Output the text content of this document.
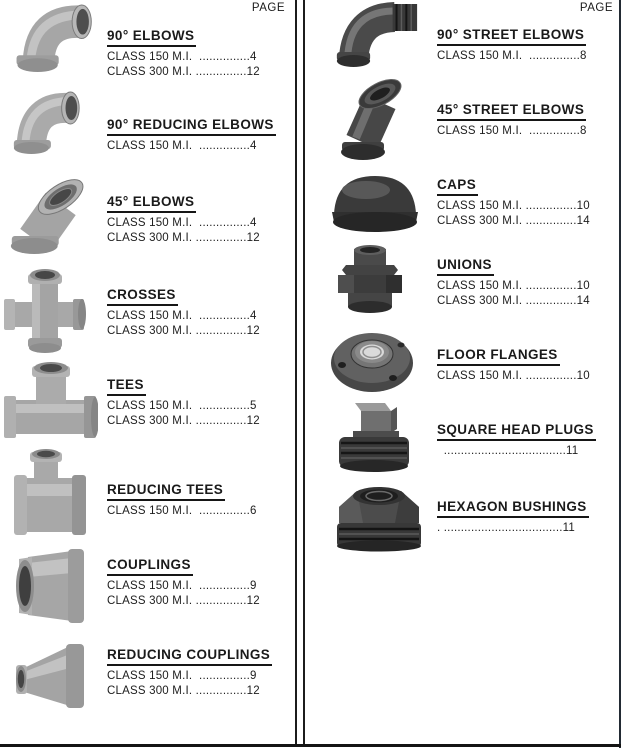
PAGE	PAGE
90° ELBOWS
CLASS 150 M.I.  ...............4
CLASS 300 M.I. ...............12
90° REDUCING ELBOWS
CLASS 150 M.I.  ...............4
45° ELBOWS
CLASS 150 M.I.  ...............4
CLASS 300 M.I. ...............12
CROSSES
CLASS 150 M.I.  ...............4
CLASS 300 M.I. ...............12
TEES
CLASS 150 M.I.  ...............5
CLASS 300 M.I. ...............12
REDUCING TEES
CLASS 150 M.I.  ...............6
COUPLINGS
CLASS 150 M.I.  ...............9
CLASS 300 M.I. ...............12
REDUCING COUPLINGS
CLASS 150 M.I.  ...............9
CLASS 300 M.I. ...............12
90° STREET ELBOWS
CLASS 150 M.I.  ...............8
45° STREET ELBOWS
CLASS 150 M.I.  ...............8
CAPS
CLASS 150 M.I. ...............10
CLASS 300 M.I. ...............14
UNIONS
CLASS 150 M.I. ...............10
CLASS 300 M.I. ...............14
FLOOR FLANGES
CLASS 150 M.I. ...............10
SQUARE HEAD PLUGS
....................................11
HEXAGON BUSHINGS
. ...................................11
